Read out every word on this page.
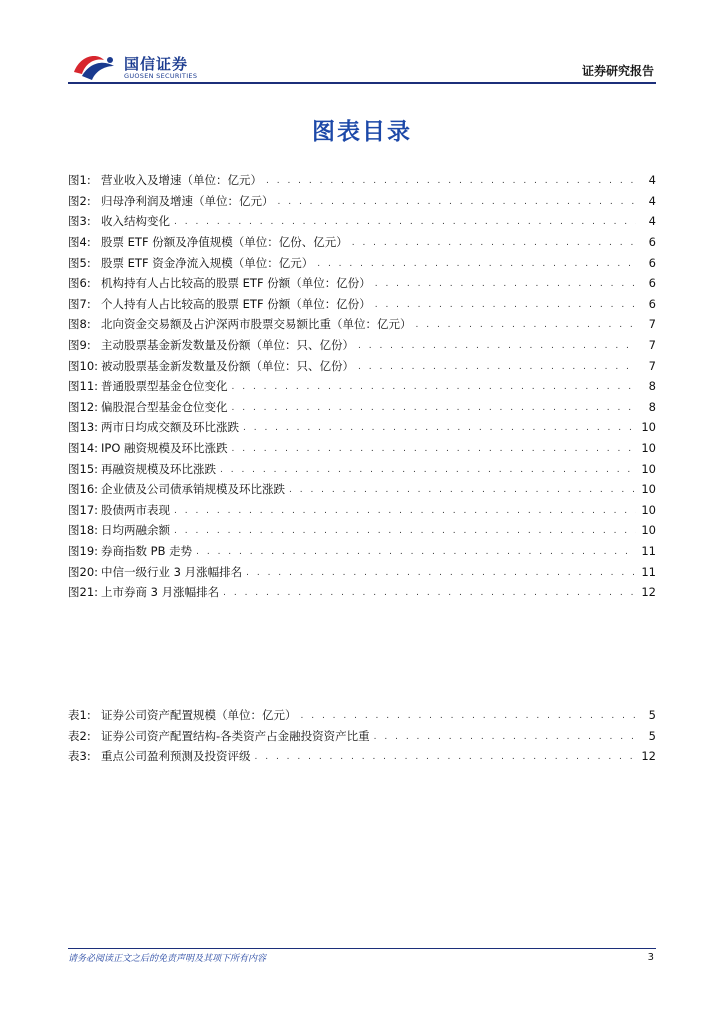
国信证券
GUOSEN SECURITIES	证券研究报告
图表目录
图1: 营业收入及增速（单位：亿元） . . .	4
图2: 归母净利润及增速（单位：亿元） . . .	4
图3: 收入结构变化 . . .	4
图4: 股票 ETF 份额及净值规模（单位：亿份、亿元） . . .	6
图5: 股票 ETF 资金净流入规模（单位：亿元） . . .	6
图6: 机构持有人占比较高的股票 ETF 份额（单位：亿份） . . .	6
图7: 个人持有人占比较高的股票 ETF 份额（单位：亿份） . . .	6
图8: 北向资金交易额及占沪深两市股票交易额比重（单位：亿元） . . .	7
图9: 主动股票基金新发数量及份额（单位：只、亿份） . . .	7
图10: 被动股票基金新发数量及份额（单位：只、亿份） . . .	7
图11: 普通股票型基金仓位变化 . . .	8
图12: 偏股混合型基金仓位变化 . . .	8
图13: 两市日均成交额及环比涨跌 . . .	10
图14: IPO 融资规模及环比涨跌 . . .	10
图15: 再融资规模及环比涨跌 . . .	10
图16: 企业债及公司债承销规模及环比涨跌 . . .	10
图17: 股债两市表现 . . .	10
图18: 日均两融余额 . . .	10
图19: 券商指数 PB 走势 . . .	11
图20: 中信一级行业 3 月涨幅排名 . . .	11
图21: 上市券商 3 月涨幅排名 . . .	12
表1: 证券公司资产配置规模（单位：亿元） . . .	5
表2: 证券公司资产配置结构-各类资产占金融投资资产比重 . . .	5
表3: 重点公司盈利预测及投资评级 . . .	12
请务必阅读正文之后的免责声明及其项下所有内容	3
